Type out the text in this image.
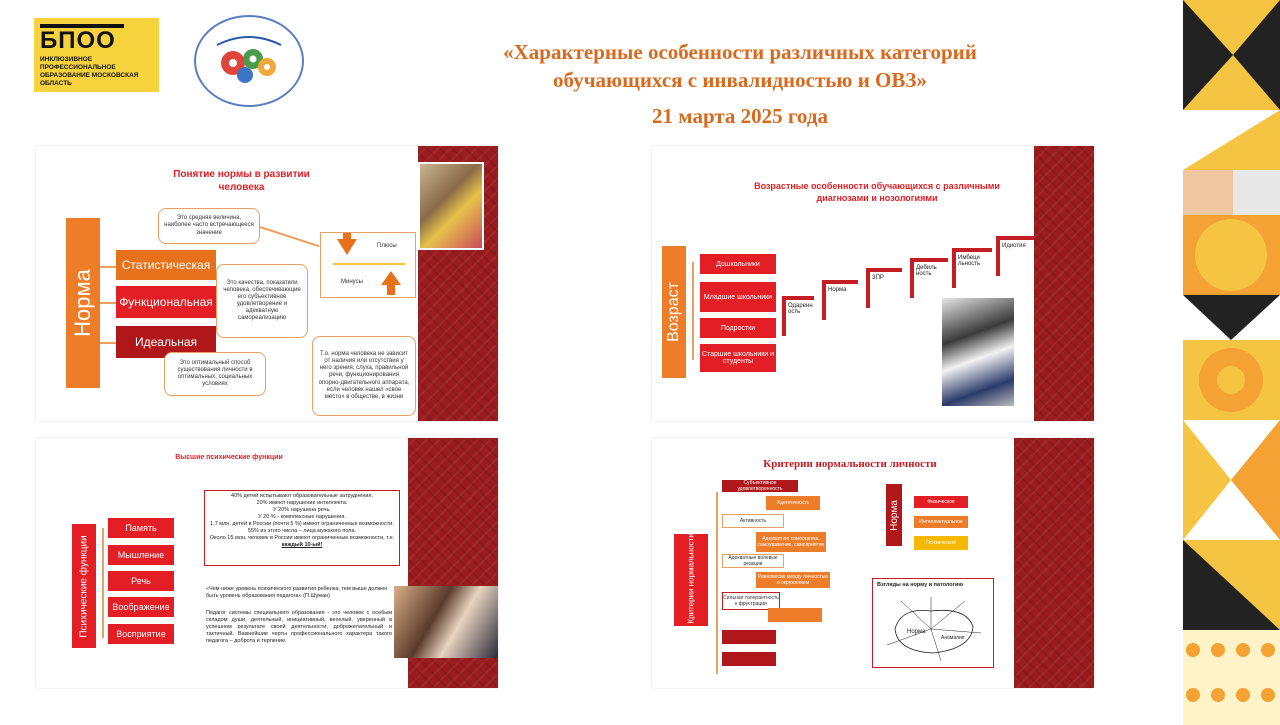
БПОО
ИНКЛЮЗИВНОЕ ПРОФЕССИОНАЛЬНОЕ ОБРАЗОВАНИЕ МОСКОВСКАЯ ОБЛАСТЬ
«Характерные особенности различных категорий
обучающихся с инвалидностью и ОВЗ»
21 марта 2025 года
Понятие нормы в развитии человека
Норма
Статистическая
Функциональная
Идеальная
Это средняя величина, наиболее часто встречающееся значение
Это качества, показатели человека, обеспечивающие его субъективное удовлетворение и адекватную самореализацию
Это оптимальный способ существования личности в оптимальных, социальных условиях
Плюсы
Минусы
Т.о. норма человека не зависит от наличия или отсутствия у него зрения, слуха, правильной речи, функционирования опорно-двигательного аппарата, если человек нашел «свое место» в обществе, в жизни
Возрастные особенности обучающихся с различными диагнозами и нозологиями
Возраст
Дошкольники
Младшие школьники
Подростки
Старшие школьники и студенты
Одаренн ость
Норма
ЗПР
Дебиль ность
Имбеци льность
Идиотия
Высшие психические функции
Психические функции
Память
Мышление
Речь
Воображение
Восприятие
40% детей испытывают образовательные затруднения.
20% имеют нарушение интеллекта.
У 20% нарушена речь.
У 20 % - комплексные нарушения.
1,7 млн. детей в России (почти 5 %) имеют ограниченные возможности.
55% из этого числа – лица мужского пола.
Около 15 млн. человек в России имеют ограниченные возможности, т.е. каждый 10-ый!
«Чем ниже уровень психического развития ребенка, тем выше должен быть уровень образования педагога» (П.Шуман)
Педагог системы специального образования - это человек с особым складом души, деятельный, инициативный, веселый, уверенный в успешном результате своей деятельности, доброжелательный и тактичный. Важнейшие черты профессионального характера такого педагога – доброта и терпение.
Критерии нормальности личности
Критерии нормальности личности
Субъективное удовлетворенность
Идентичность
Активность
Адекватное самооценка, самоуважение, самоприятие
Адекватные волевые реакции
Равновесие между личностью и окружением
Сильная толерантность к фрустрации
Норма	Физическое
Интеллектуальное
Психическое
Взгляды на норму и патологию
Норма
Аномалия
